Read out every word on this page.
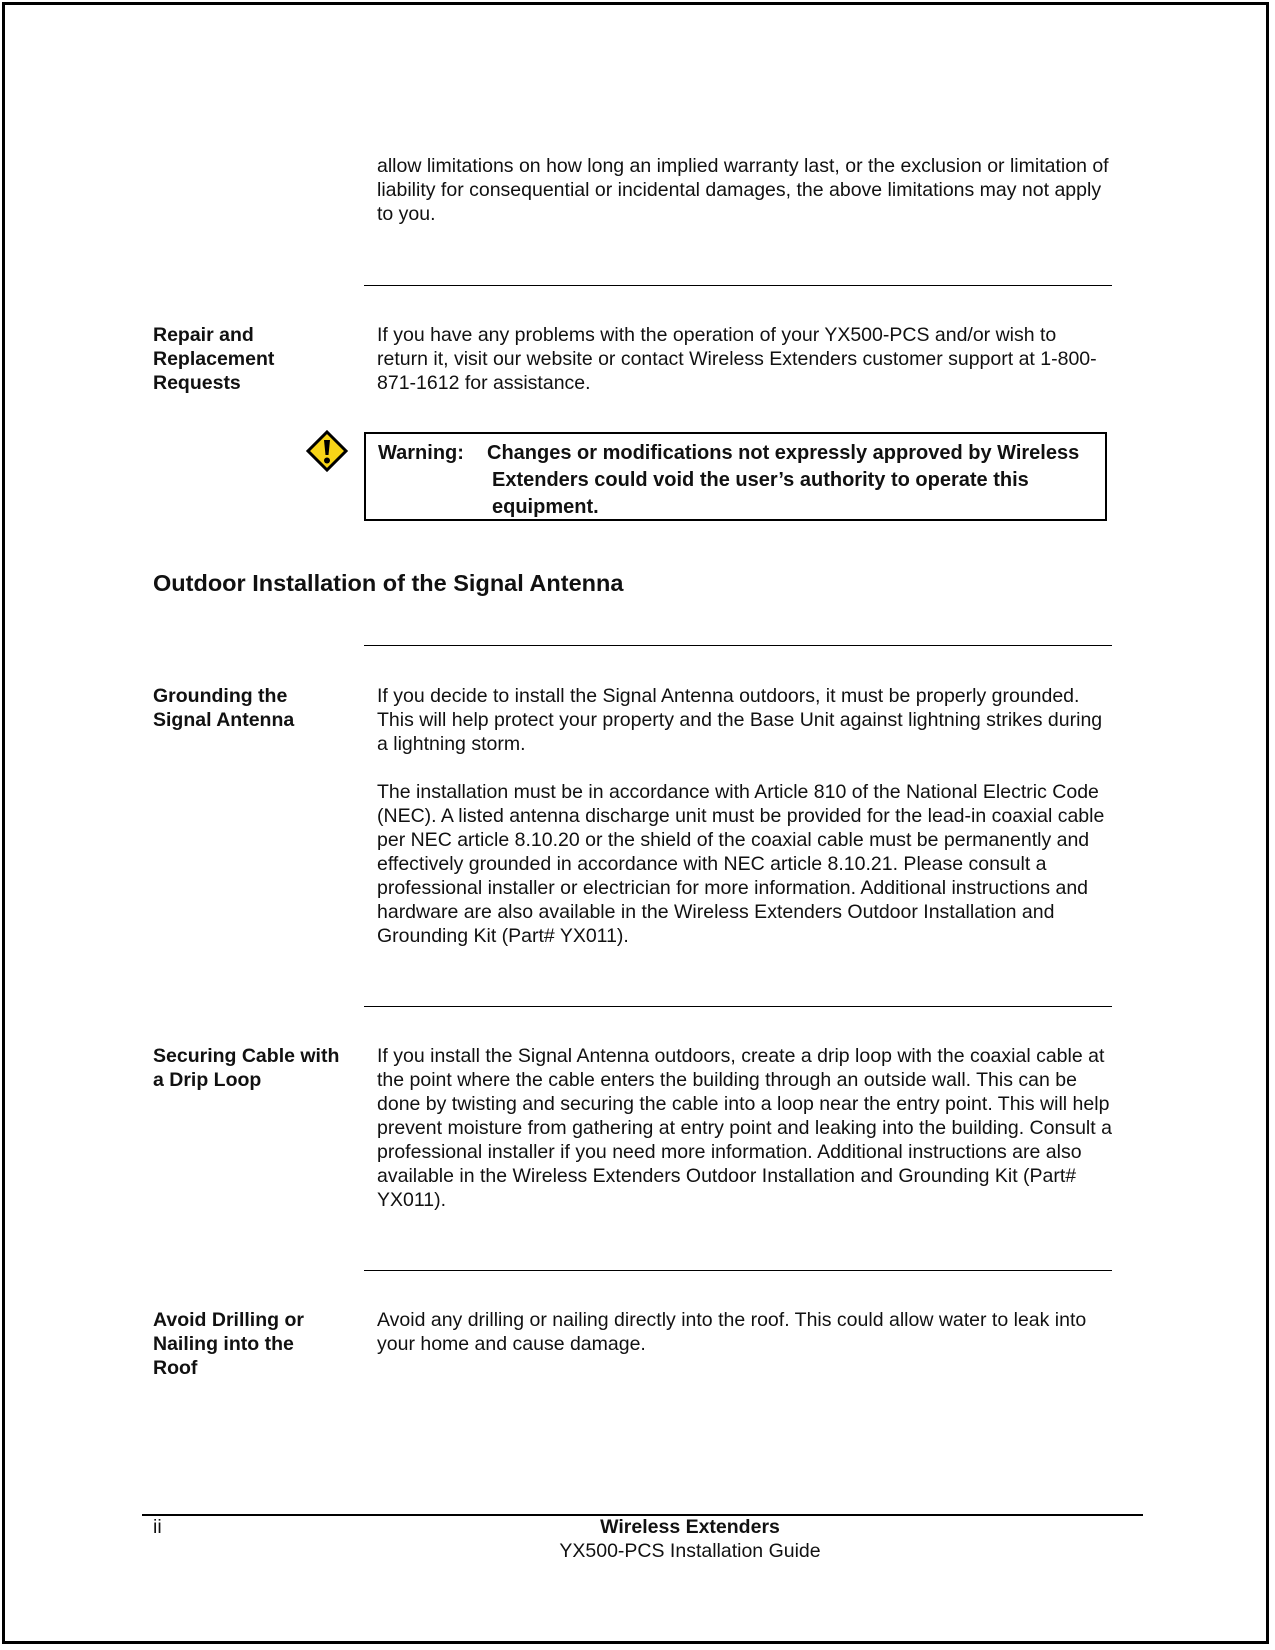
allow limitations on how long an implied warranty last, or the exclusion or limitation of liability for consequential or incidental damages, the above limitations may not apply to you.

Repair and
Replacement
Requests

If you have any problems with the operation of your YX500-PCS and/or wish to return it, visit our website or contact Wireless Extenders customer support at 1-800-871-1612 for assistance.

Warning: Changes or modifications not expressly approved by Wireless Extenders could void the user’s authority to operate this equipment.
Outdoor Installation of the Signal Antenna
Grounding the
Signal Antenna

If you decide to install the Signal Antenna outdoors, it must be properly grounded. This will help protect your property and the Base Unit against lightning strikes during a lightning storm.

The installation must be in accordance with Article 810 of the National Electric Code (NEC). A listed antenna discharge unit must be provided for the lead-in coaxial cable per NEC article 8.10.20 or the shield of the coaxial cable must be permanently and effectively grounded in accordance with NEC article 8.10.21. Please consult a professional installer or electrician for more information. Additional instructions and hardware are also available in the Wireless Extenders Outdoor Installation and Grounding Kit (Part# YX011).

Securing Cable with
a Drip Loop

If you install the Signal Antenna outdoors, create a drip loop with the coaxial cable at the point where the cable enters the building through an outside wall. This can be done by twisting and securing the cable into a loop near the entry point. This will help prevent moisture from gathering at entry point and leaking into the building. Consult a professional installer if you need more information. Additional instructions are also available in the Wireless Extenders Outdoor Installation and Grounding Kit (Part# YX011).

Avoid Drilling or
Nailing into the
Roof

Avoid any drilling or nailing directly into the roof. This could allow water to leak into your home and cause damage.

ii	Wireless Extenders
YX500-PCS Installation Guide
